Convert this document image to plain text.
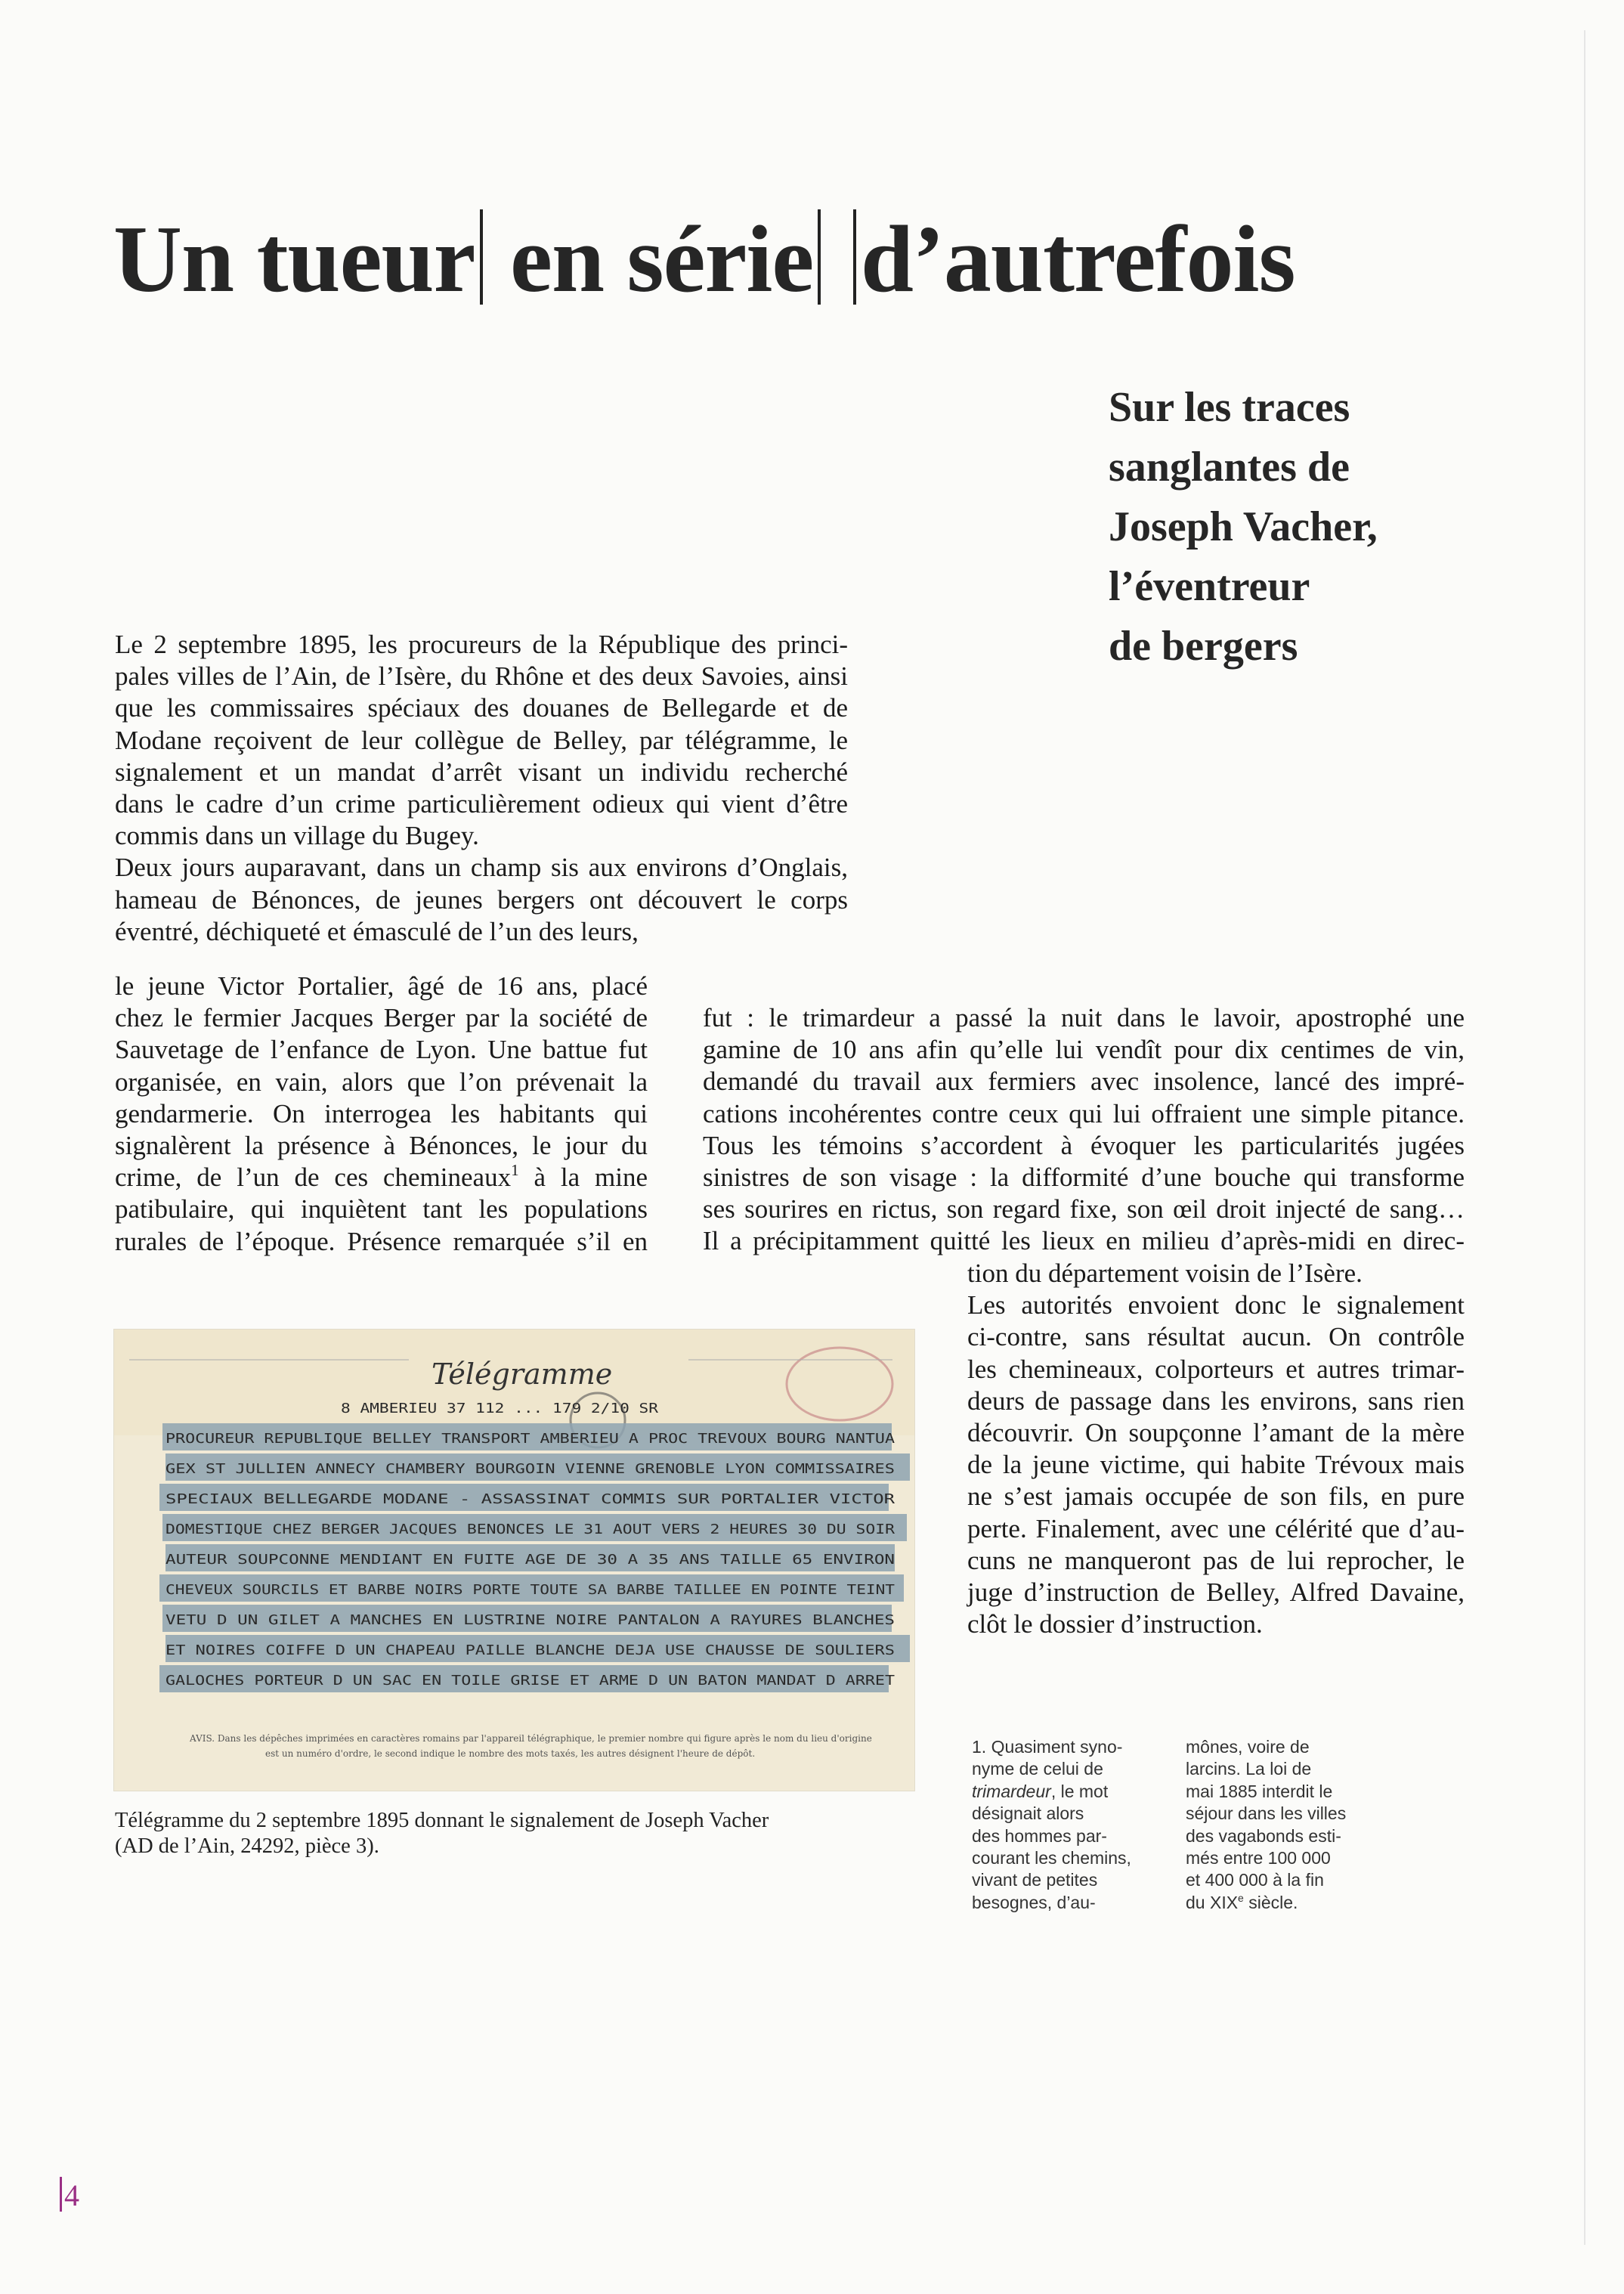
Un tueur en série d’autrefois
Sur les traces
sanglantes de
Joseph Vacher,
l’éventreur
de bergers
Le 2 septembre 1895, les procureurs de la République des princi-
pales villes de l’Ain, de l’Isère, du Rhône et des deux Savoies, ainsi
que les commissaires spéciaux des douanes de Bellegarde et de
Modane reçoivent de leur collègue de Belley, par télégramme, le
signalement et un mandat d’arrêt visant un individu recherché
dans le cadre d’un crime particulièrement odieux qui vient d’être
commis dans un village du Bugey.
Deux jours auparavant, dans un champ sis aux environs d’Onglais,
hameau de Bénonces, de jeunes bergers ont découvert le corps
éventré, déchiqueté et émasculé de l’un des leurs,
le jeune Victor Portalier, âgé de 16 ans, placé
chez le fermier Jacques Berger par la société de
Sauvetage de l’enfance de Lyon. Une battue fut
organisée, en vain, alors que l’on prévenait la
gendarmerie. On interrogea les habitants qui
signalèrent la présence à Bénonces, le jour du
crime, de l’un de ces chemineaux$^1$ à la mine
patibulaire, qui inquiètent tant les populations
rurales de l’époque. Présence remarquée s’il en
fut : le trimardeur a passé la nuit dans le lavoir, apostrophé une
gamine de 10 ans afin qu’elle lui vendît pour dix centimes de vin,
demandé du travail aux fermiers avec insolence, lancé des impré-
cations incohérentes contre ceux qui lui offraient une simple pitance.
Tous les témoins s’accordent à évoquer les particularités jugées
sinistres de son visage : la difformité d’une bouche qui transforme
ses sourires en rictus, son regard fixe, son œil droit injecté de sang…
Il a précipitamment quitté les lieux en milieu d’après-midi en direc-
tion du département voisin de l’Isère.
Les autorités envoient donc le signalement
ci-contre, sans résultat aucun. On contrôle
les chemineaux, colporteurs et autres trimar-
deurs de passage dans les environs, sans rien
découvrir. On soupçonne l’amant de la mère
de la jeune victime, qui habite Trévoux mais
ne s’est jamais occupée de son fils, en pure
perte. Finalement, avec une célérité que d’au-
cuns ne manqueront pas de lui reprocher, le
juge d’instruction de Belley, Alfred Davaine,
clôt le dossier d’instruction.
Télégramme
8 AMBERIEU 37 112 ... 179 2/10 SR
PROCUREUR REPUBLIQUE BELLEY TRANSPORT AMBERIEU A PROC TREVOUX BOURG NANTUA
GEX ST JULLIEN ANNECY CHAMBERY BOURGOIN VIENNE GRENOBLE LYON COMMISSAIRES
SPECIAUX BELLEGARDE MODANE - ASSASSINAT COMMIS SUR PORTALIER VICTOR
DOMESTIQUE CHEZ BERGER JACQUES BENONCES LE 31 AOUT VERS 2 HEURES 30 DU SOIR
AUTEUR SOUPCONNE MENDIANT EN FUITE AGE DE 30 A 35 ANS TAILLE 65 ENVIRON
CHEVEUX SOURCILS ET BARBE NOIRS PORTE TOUTE SA BARBE TAILLEE EN POINTE TEINT
VETU D UN GILET A MANCHES EN LUSTRINE NOIRE PANTALON A RAYURES BLANCHES
ET NOIRES COIFFE D UN CHAPEAU PAILLE BLANCHE DEJA USE CHAUSSE DE SOULIERS
GALOCHES PORTEUR D UN SAC EN TOILE GRISE ET ARME D UN BATON MANDAT D ARRET
AVIS. Dans les dépêches imprimées en caractères romains par l'appareil télégraphique, le premier nombre qui figure après le nom du lieu d'origine
est un numéro d'ordre, le second indique le nombre des mots taxés, les autres désignent l'heure de dépôt.
Télégramme du 2 septembre 1895 donnant le signalement de Joseph Vacher
(AD de l’Ain, 24292, pièce 3).
1. Quasiment syno-
nyme de celui de
trimardeur, le mot
désignait alors
des hommes par-
courant les chemins,
vivant de petites
besognes, d’au-
mônes, voire de
larcins. La loi de
mai 1885 interdit le
séjour dans les villes
des vagabonds esti-
més entre 100 000
et 400 000 à la fin
du XIXe siècle.
4
